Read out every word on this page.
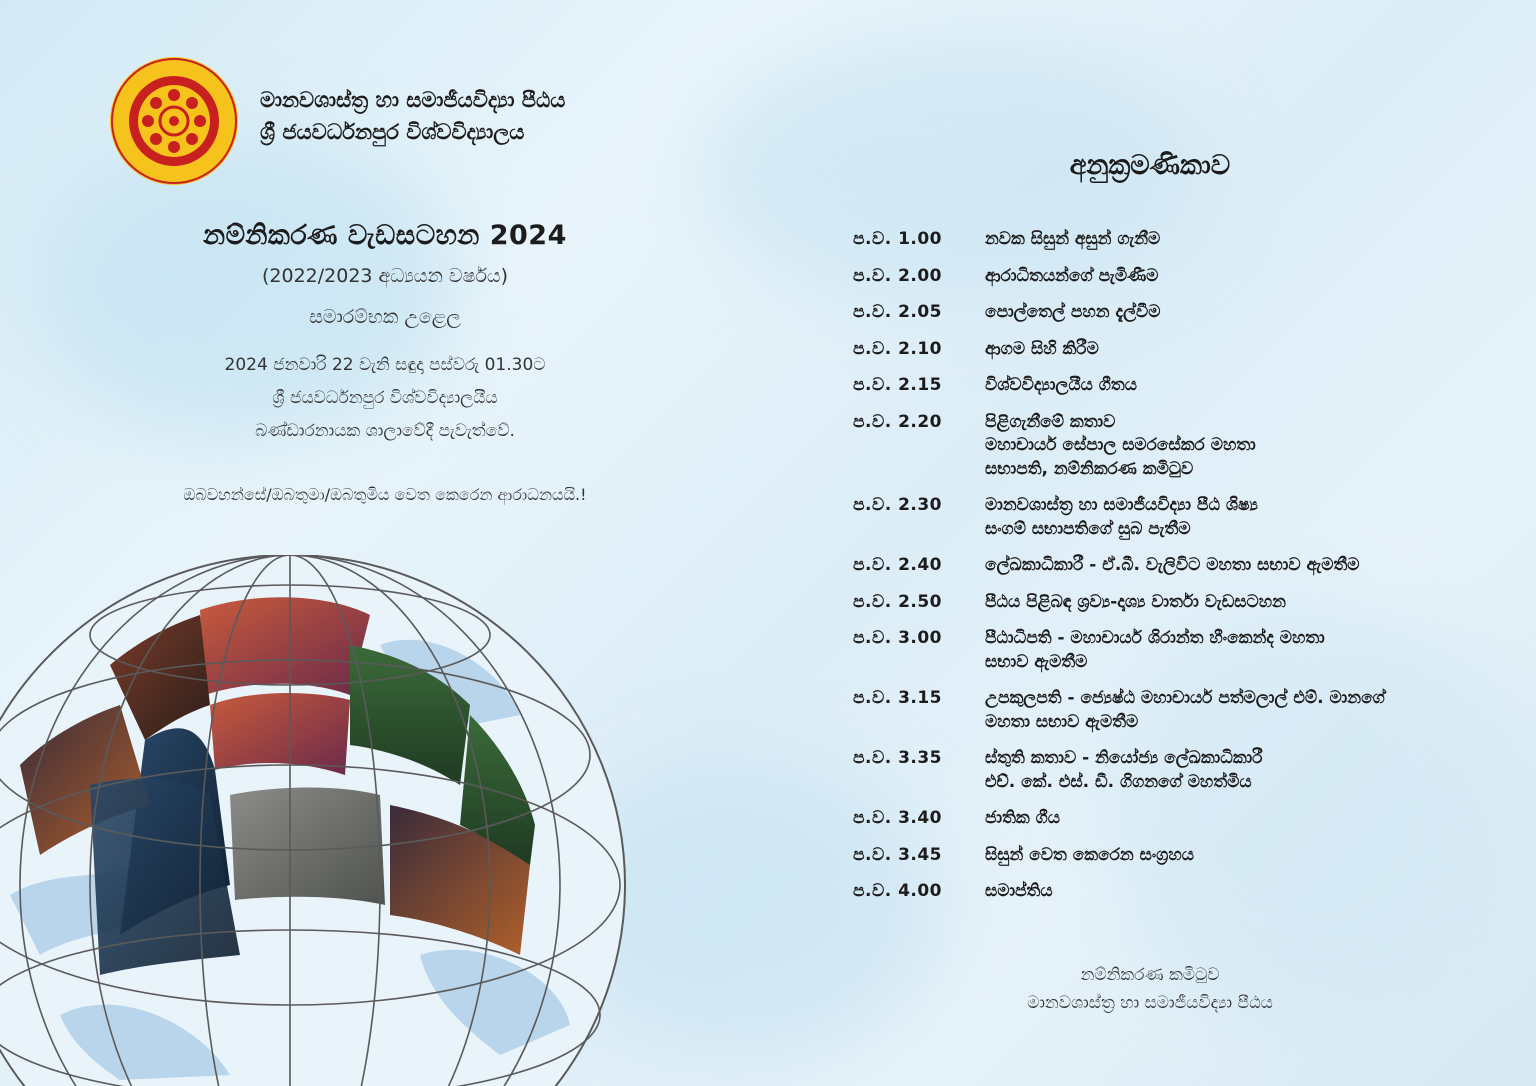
මානවශාස්ත්‍ර හා සමාජීයවිද්‍යා පීඨය
ශ්‍රී ජයවර්ධනපුර විශ්වවිද්‍යාලය
නම්නිකරණ වැඩසටහන 2024
(2022/2023 අධ්‍යයන වර්ෂය)
සමාරම්භක උළෙල
2024 ජනවාරි 22 වැනි සඳුදා පස්වරු 01.30ට
ශ්‍රී ජයවර්ධනපුර විශ්වවිද්‍යාලයීය
බණ්ඩාරනායක ශාලාවේදී පැවැත්වේ.
ඔබවහන්සේ/ඔබතුමා/ඔබතුමිය වෙත කෙරෙන ආරාධනයයි.!
අනුක්‍රමණිකාව
ප.ව. 1.00	නවක සිසුන් අසුන් ගැනීම
ප.ව. 2.00	ආරාධිතයන්ගේ පැමිණීම
ප.ව. 2.05	පොල්තෙල් පහන දැල්වීම
ප.ව. 2.10	ආගම සිහි කිරීම
ප.ව. 2.15	විශ්වවිද්‍යාලයීය ගීතය
ප.ව. 2.20	පිළිගැනීමේ කතාව
මහාචාර්ය සේපාල සමරසේකර මහතා
සභාපති, නම්නිකරණ කමිටුව
ප.ව. 2.30	මානවශාස්ත්‍ර හා සමාජීයවිද්‍යා පීඨ ශිෂ්‍ය
සංගම් සභාපතිගේ සුබ පැතීම
ප.ව. 2.40	ලේඛකාධිකාරී - ඒ.බී. වැලිවිට මහතා සභාව ඇමතීම
ප.ව. 2.50	පීඨය පිළිබඳ ශ්‍රව්‍ය-දෘශ්‍ය වාර්තා වැඩසටහන
ප.ව. 3.00	පීඨාධිපති - මහාචාර්ය ශිරාන්ත හීංකෙන්ද මහතා
සභාව ඇමතීම
ප.ව. 3.15	උපකුලපති - ජ්‍යෙෂ්ඨ මහාචාර්ය පත්මලාල් එම්. මානගේ
මහතා සභාව ඇමතීම
ප.ව. 3.35	ස්තුති කතාව - නියෝජ්‍ය ලේඛකාධිකාරී
එච්. කේ. එස්. ඩී. ගිගනගේ මහත්මිය
ප.ව. 3.40	ජාතික ගීය
ප.ව. 3.45	සිසුන් වෙත කෙරෙන සංග්‍රහය
ප.ව. 4.00	සමාප්තිය
නම්නිකරණ කමිටුව
මානවශාස්ත්‍ර හා සමාජීයවිද්‍යා පීඨය
